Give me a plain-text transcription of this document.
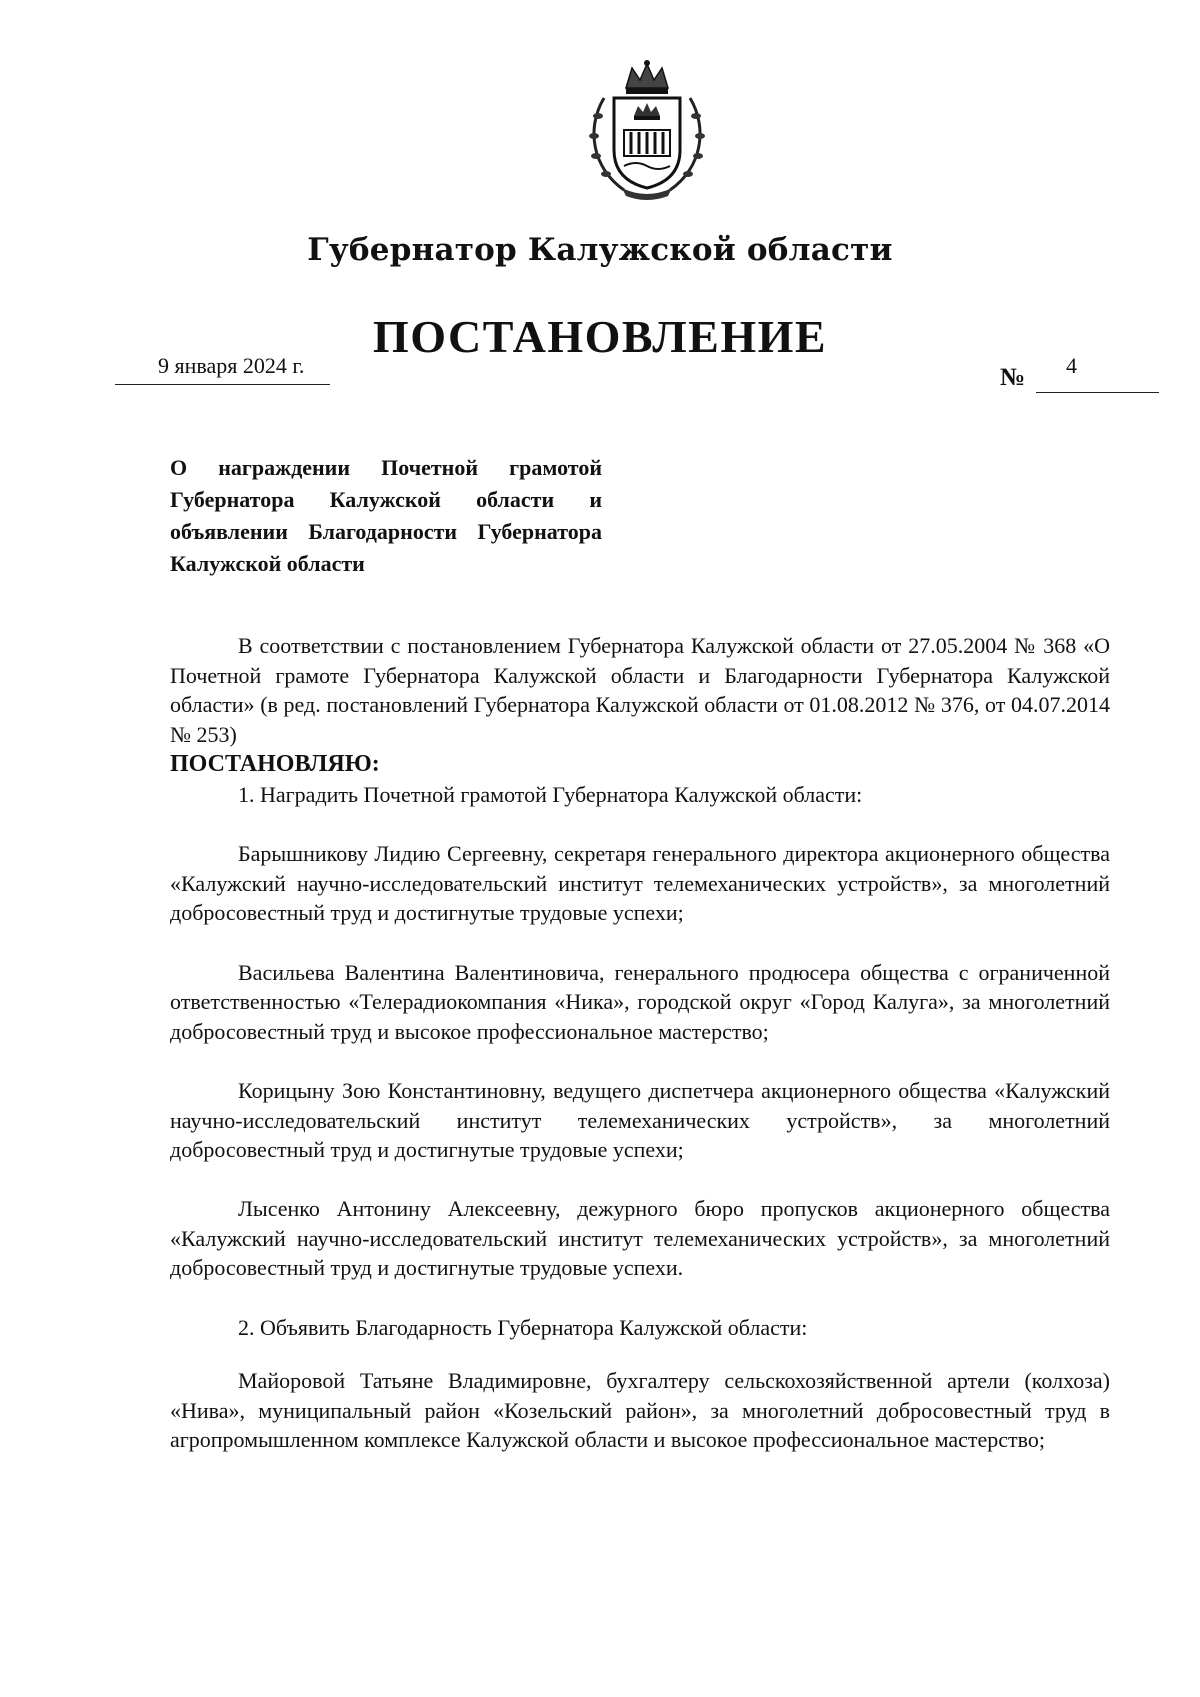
Губернатор Калужской области
ПОСТАНОВЛЕНИЕ
9 января 2024 г.	№ 4
О награждении Почетной грамотой Губернатора Калужской области и объявлении Благодарности Губернатора Калужской области

В соответствии с постановлением Губернатора Калужской области от 27.05.2004 № 368 «О Почетной грамоте Губернатора Калужской области и Благодарности Губернатора Калужской области» (в ред. постановлений Губернатора Калужской области от 01.08.2012 № 376, от 04.07.2014 № 253)

ПОСТАНОВЛЯЮ:

1. Наградить Почетной грамотой Губернатора Калужской области:

Барышникову Лидию Сергеевну, секретаря генерального директора акционерного общества «Калужский научно-исследовательский институт телемеханических устройств», за многолетний добросовестный труд и достигнутые трудовые успехи;

Васильева Валентина Валентиновича, генерального продюсера общества с ограниченной ответственностью «Телерадиокомпания «Ника», городской округ «Город Калуга», за многолетний добросовестный труд и высокое профессиональное мастерство;

Корицыну Зою Константиновну, ведущего диспетчера акционерного общества «Калужский научно-исследовательский институт телемеханических устройств», за многолетний добросовестный труд и достигнутые трудовые успехи;

Лысенко Антонину Алексеевну, дежурного бюро пропусков акционерного общества «Калужский научно-исследовательский институт телемеханических устройств», за многолетний добросовестный труд и достигнутые трудовые успехи.

2. Объявить Благодарность Губернатора Калужской области:

Майоровой Татьяне Владимировне, бухгалтеру сельскохозяйственной артели (колхоза) «Нива», муниципальный район «Козельский район», за многолетний добросовестный труд в агропромышленном комплексе Калужской области и высокое профессиональное мастерство;
